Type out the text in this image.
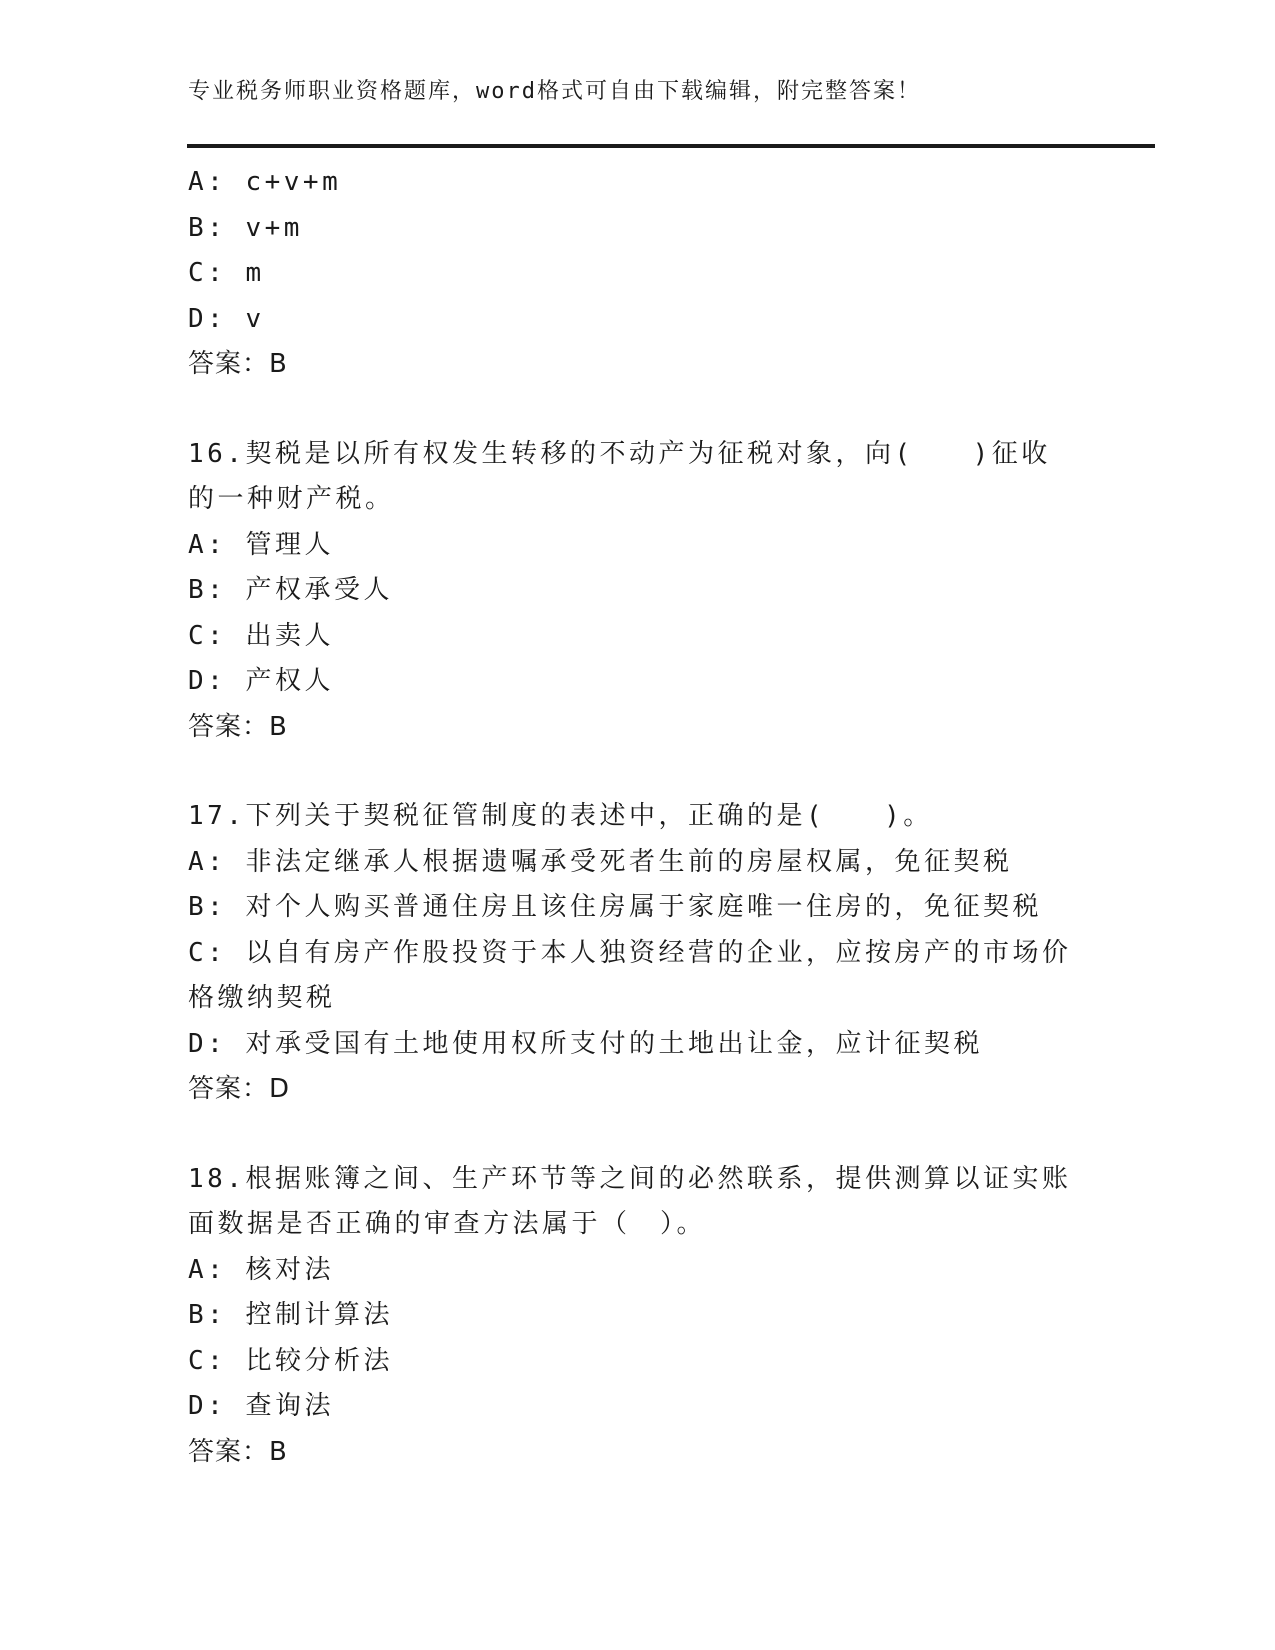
专业税务师职业资格题库，word格式可自由下载编辑，附完整答案！
A: c+v+m
B: v+m
C: m
D: v
答案：B
16.契税是以所有权发生转移的不动产为征税对象，向(　　)征收的一种财产税。
A: 管理人
B: 产权承受人
C: 出卖人
D: 产权人
答案：B
17.下列关于契税征管制度的表述中，正确的是(　　)。
A: 非法定继承人根据遗嘱承受死者生前的房屋权属，免征契税
B: 对个人购买普通住房且该住房属于家庭唯一住房的，免征契税
C: 以自有房产作股投资于本人独资经营的企业，应按房产的市场价格缴纳契税
D: 对承受国有土地使用权所支付的土地出让金，应计征契税
答案：D
18.根据账簿之间、生产环节等之间的必然联系，提供测算以证实账面数据是否正确的审查方法属于（　）。
A: 核对法
B: 控制计算法
C: 比较分析法
D: 查询法
答案：B
